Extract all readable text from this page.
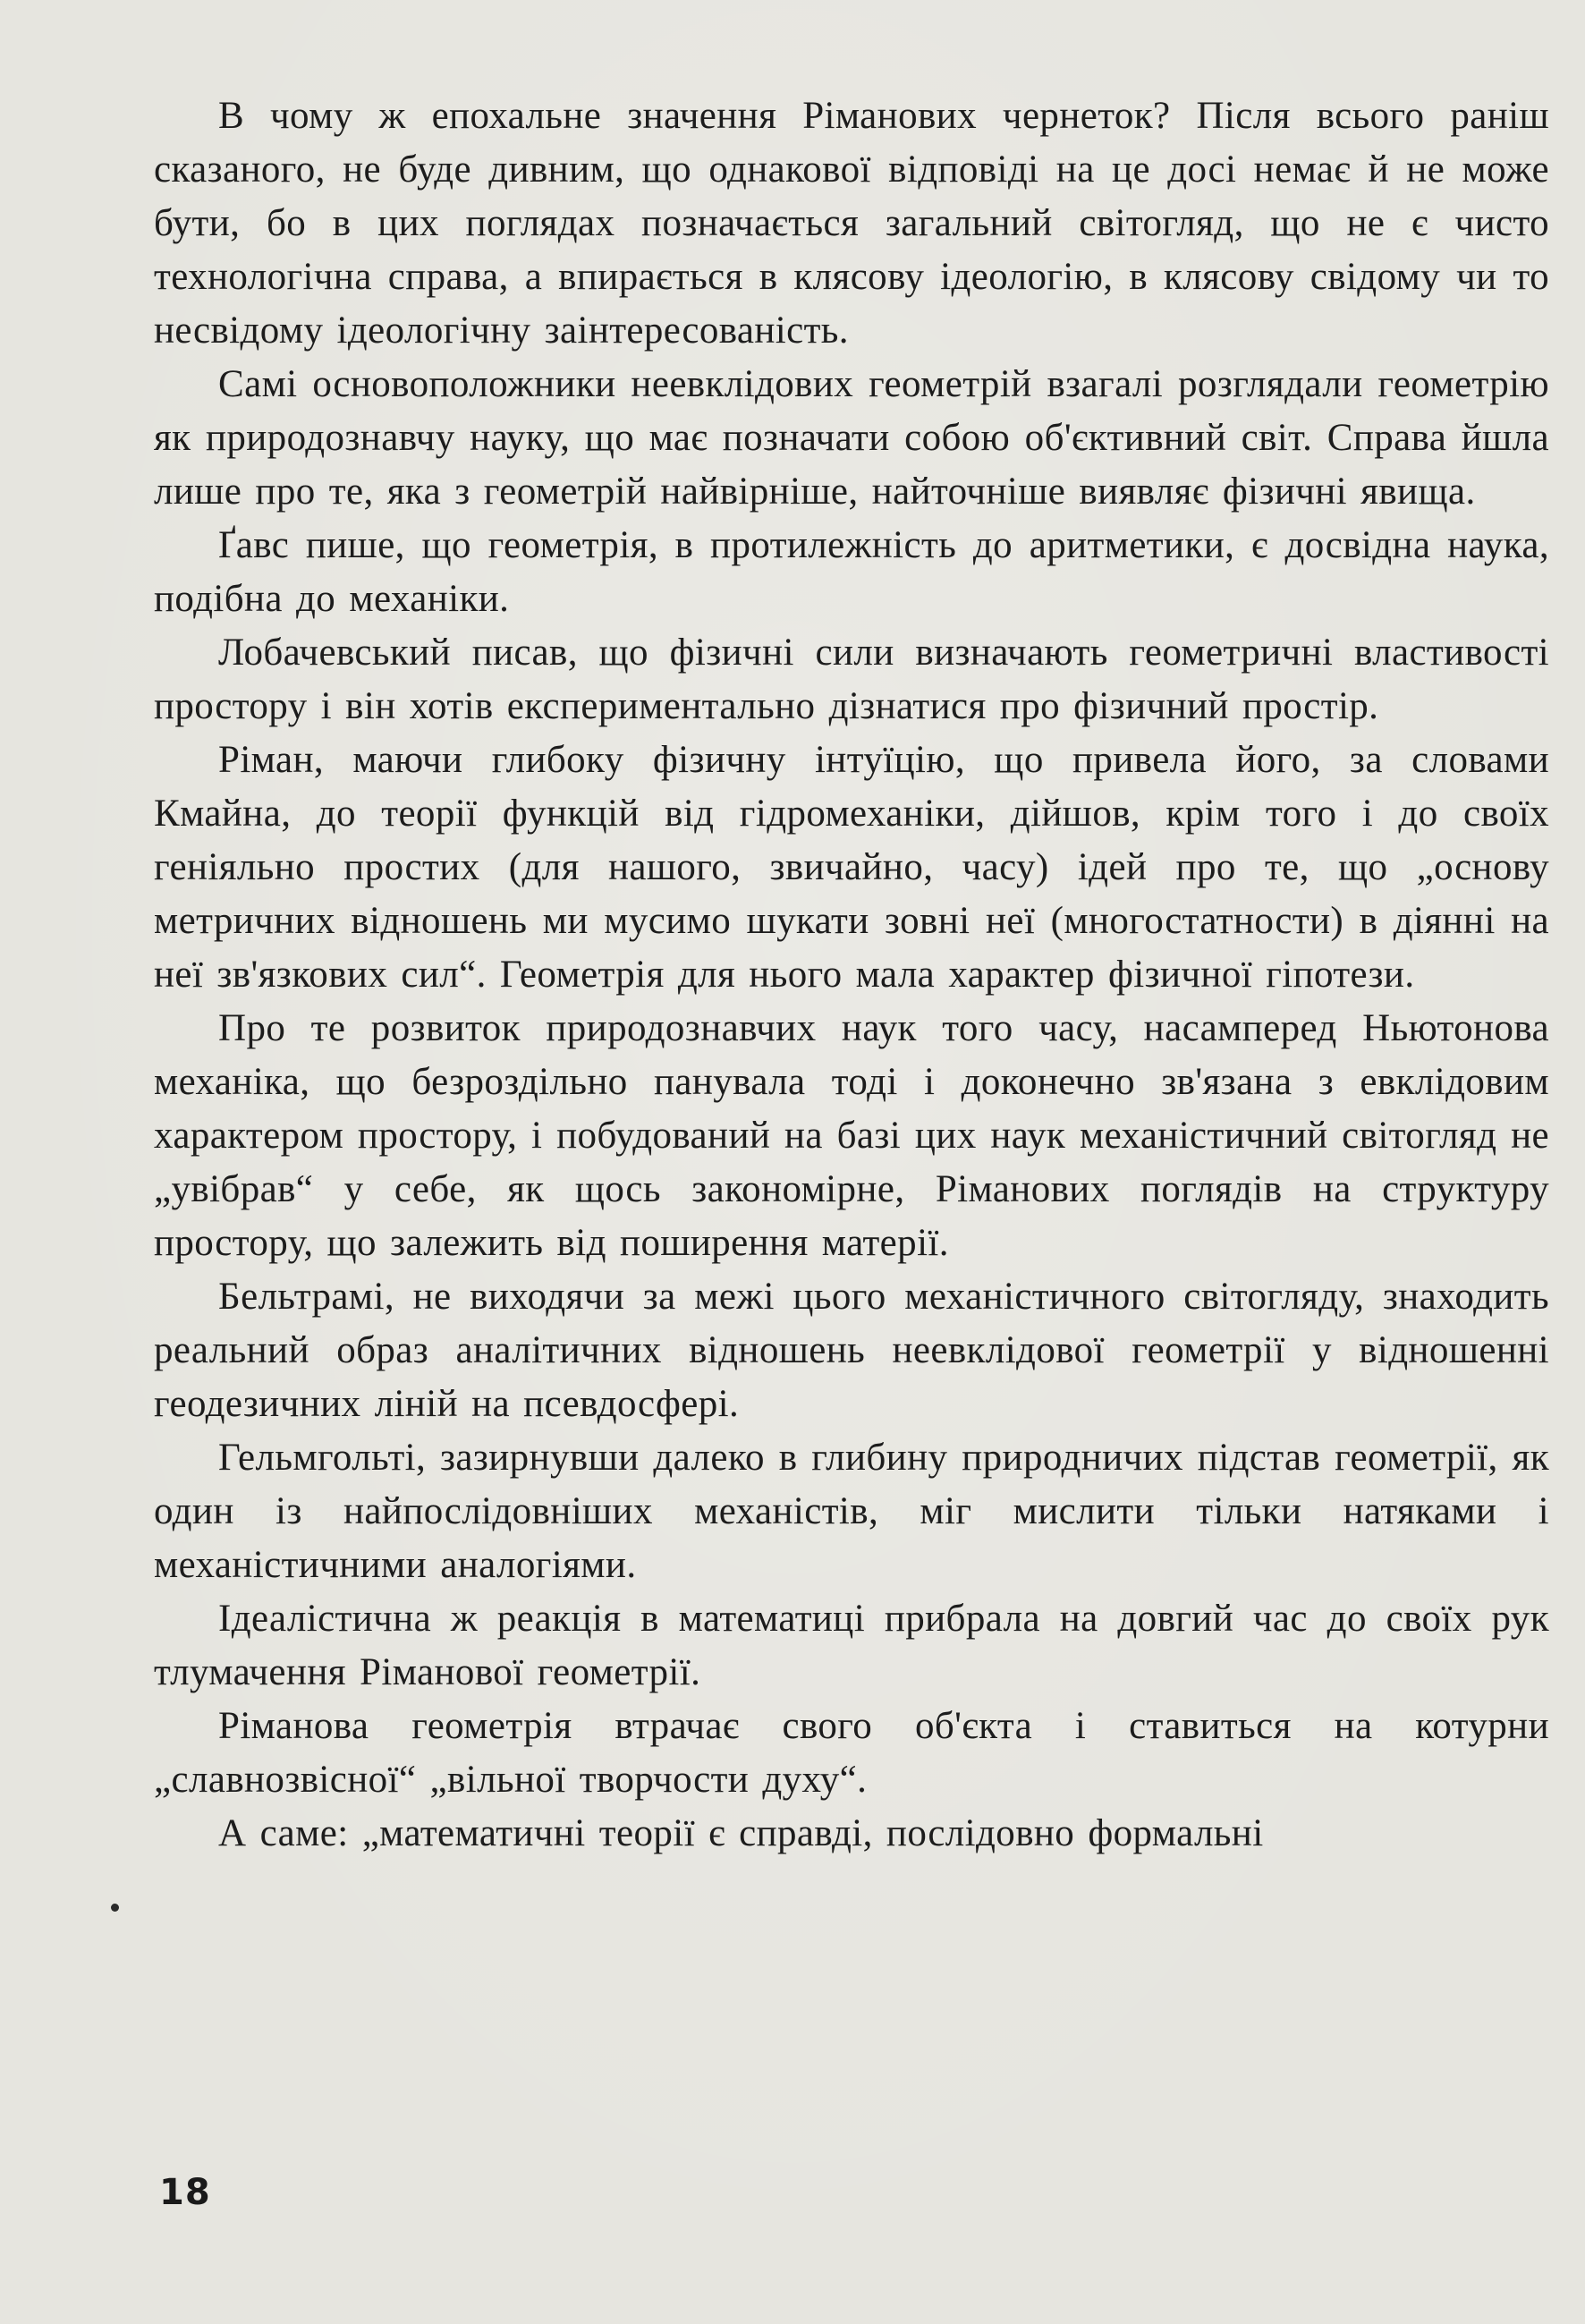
В чому ж епохальне значення Ріманових чернеток? Після всього раніш сказаного, не буде дивним, що однакової відповіді на це досі немає й не може бути, бо в цих поглядах позначається загальний світогляд, що не є чисто технологічна справа, а впирається в клясову ідеологію, в клясову свідому чи то несвідому ідеологічну заінтересованість.

Самі основоположники неевклідових геометрій взагалі розглядали геометрію як природознавчу науку, що має позначати собою об'єктивний світ. Справа йшла лише про те, яка з геометрій найвірніше, найточніше виявляє фізичні явища.

Ґавс пише, що геометрія, в протилежність до аритметики, є досвідна наука, подібна до механіки.

Лобачевський писав, що фізичні сили визначають геометричні властивості простору і він хотів експериментально дізнатися про фізичний простір.

Ріман, маючи глибоку фізичну інтуїцію, що привела його, за словами Кмайна, до теорії функцій від гідромеханіки, дійшов, крім того і до своїх геніяльно простих (для нашого, звичайно, часу) ідей про те, що „основу метричних відношень ми мусимо шукати зовні неї (многостатности) в діянні на неї зв'язкових сил“. Геометрія для нього мала характер фізичної гіпотези.

Про те розвиток природознавчих наук того часу, насамперед Ньютонова механіка, що безроздільно панувала тоді і доконечно зв'язана з евклідовим характером простору, і побудований на базі цих наук механістичний світогляд не „увібрав“ у себе, як щось закономірне, Ріманових поглядів на структуру простору, що залежить від поширення матерії.

Бельтрамі, не виходячи за межі цього механістичного світогляду, знаходить реальний образ аналітичних відношень неевклідової геометрії у відношенні геодезичних ліній на псевдосфері.

Гельмгольті, зазирнувши далеко в глибину природничих підстав геометрії, як один із найпослідовніших механістів, міг мислити тільки натяками і механістичними аналогіями.

Ідеалістична ж реакція в математиці прибрала на довгий час до своїх рук тлумачення Ріманової геометрії.

Ріманова геометрія втрачає свого об'єкта і ставиться на котурни „славнозвісної“ „вільної творчости духу“.

А саме: „математичні теорії є справді, послідовно формальні

18
